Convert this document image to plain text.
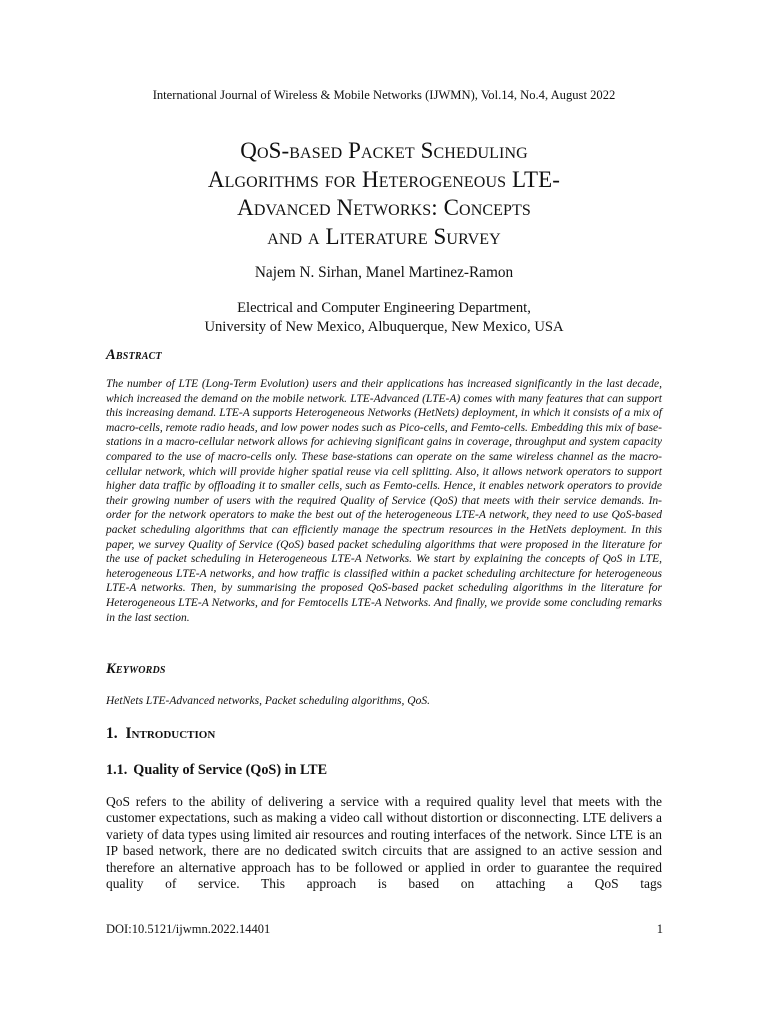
International Journal of Wireless & Mobile Networks (IJWMN), Vol.14, No.4, August 2022
QoS-based Packet Scheduling
Algorithms for Heterogeneous LTE-
Advanced Networks: Concepts
and a Literature Survey
Najem N. Sirhan, Manel Martinez-Ramon
Electrical and Computer Engineering Department,
University of New Mexico, Albuquerque, New Mexico, USA
Abstract

The number of LTE (Long-Term Evolution) users and their applications has increased significantly in the last decade, which increased the demand on the mobile network. LTE-Advanced (LTE-A) comes with many features that can support this increasing demand. LTE-A supports Heterogeneous Networks (HetNets) deployment, in which it consists of a mix of macro-cells, remote radio heads, and low power nodes such as Pico-cells, and Femto-cells. Embedding this mix of base-stations in a macro-cellular network allows for achieving significant gains in coverage, throughput and system capacity compared to the use of macro-cells only. These base-stations can operate on the same wireless channel as the macro-cellular network, which will provide higher spatial reuse via cell splitting. Also, it allows network operators to support higher data traffic by offloading it to smaller cells, such as Femto-cells. Hence, it enables network operators to provide their growing number of users with the required Quality of Service (QoS) that meets with their service demands. In-order for the network operators to make the best out of the heterogeneous LTE-A network, they need to use QoS-based packet scheduling algorithms that can efficiently manage the spectrum resources in the HetNets deployment. In this paper, we survey Quality of Service (QoS) based packet scheduling algorithms that were proposed in the literature for the use of packet scheduling in Heterogeneous LTE-A Networks. We start by explaining the concepts of QoS in LTE, heterogeneous LTE-A networks, and how traffic is classified within a packet scheduling architecture for heterogeneous LTE-A networks. Then, by summarising the proposed QoS-based packet scheduling algorithms in the literature for Heterogeneous LTE-A Networks, and for Femtocells LTE-A Networks. And finally, we provide some concluding remarks in the last section.

Keywords

HetNets LTE-Advanced networks, Packet scheduling algorithms, QoS.

1. Introduction
1.1. Quality of Service (QoS) in LTE

QoS refers to the ability of delivering a service with a required quality level that meets with the customer expectations, such as making a video call without distortion or disconnecting. LTE delivers a variety of data types using limited air resources and routing interfaces of the network. Since LTE is an IP based network, there are no dedicated switch circuits that are assigned to an active session and therefore an alternative approach has to be followed or applied in order to guarantee the required quality of service. This approach is based on attaching a QoS tags

DOI:10.5121/ijwmn.2022.14401	1
